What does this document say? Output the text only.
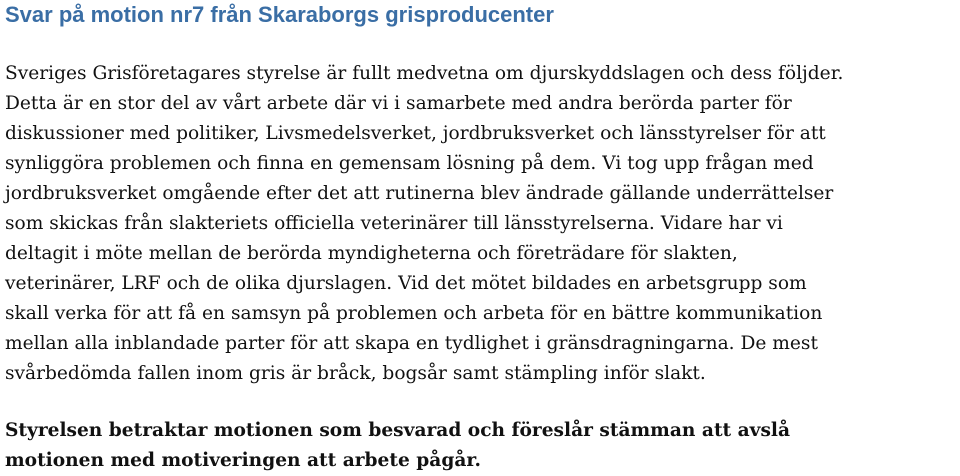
Svar på motion nr7 från Skaraborgs grisproducenter

Sveriges Grisföretagares styrelse är fullt medvetna om djurskyddslagen och dess följder.
Detta är en stor del av vårt arbete där vi i samarbete med andra berörda parter för
diskussioner med politiker, Livsmedelsverket, jordbruksverket och länsstyrelser för att
synliggöra problemen och finna en gemensam lösning på dem. Vi tog upp frågan med
jordbruksverket omgående efter det att rutinerna blev ändrade gällande underrättelser
som skickas från slakteriets officiella veterinärer till länsstyrelserna. Vidare har vi
deltagit i möte mellan de berörda myndigheterna och företrädare för slakten,
veterinärer, LRF och de olika djurslagen. Vid det mötet bildades en arbetsgrupp som
skall verka för att få en samsyn på problemen och arbeta för en bättre kommunikation
mellan alla inblandade parter för att skapa en tydlighet i gränsdragningarna. De mest
svårbedömda fallen inom gris är bråck, bogsår samt stämpling inför slakt.

Styrelsen betraktar motionen som besvarad och föreslår stämman att avslå
motionen med motiveringen att arbete pågår.
